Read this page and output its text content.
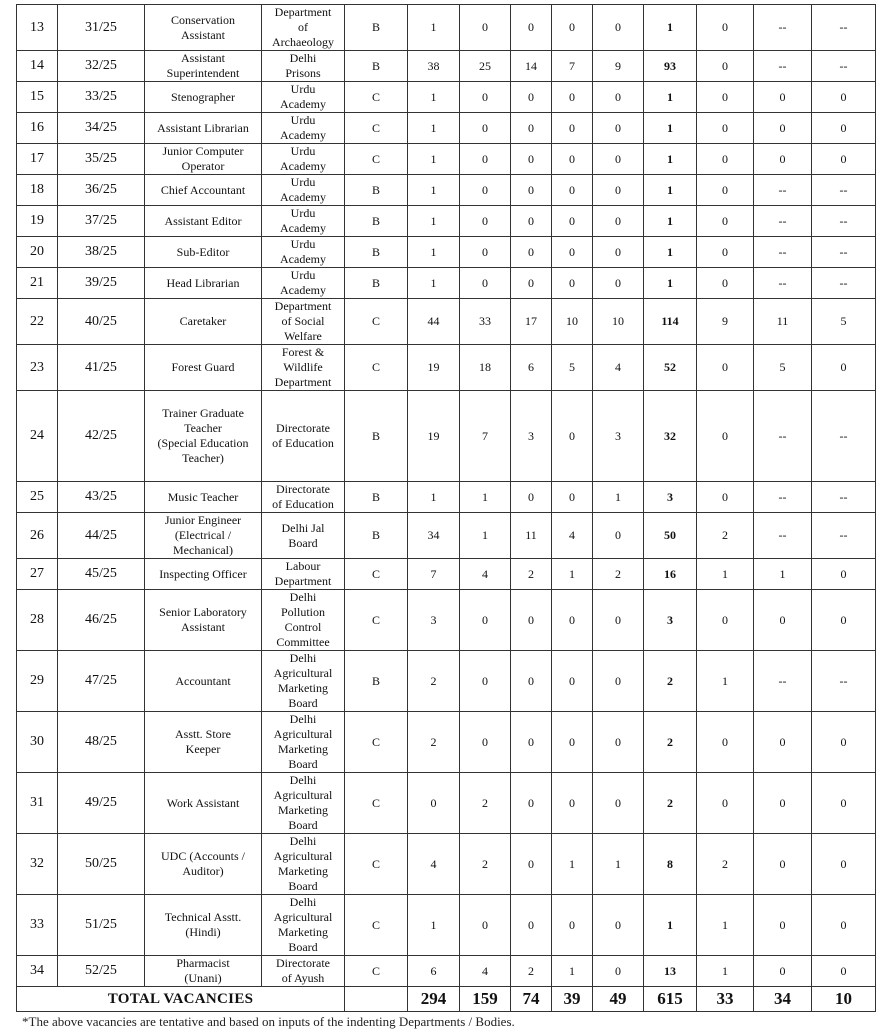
13	31/25	Conservation
Assistant	Department
of
Archaeology	B	1	0	0	0	0	1	0	--	--

14	32/25	Assistant
Superintendent	Delhi
Prisons	B	38	25	14	7	9	93	0	--	--

15	33/25	Stenographer	Urdu
Academy	C	1	0	0	0	0	1	0	0	0

16	34/25	Assistant Librarian	Urdu
Academy	C	1	0	0	0	0	1	0	0	0

17	35/25	Junior Computer
Operator	Urdu
Academy	C	1	0	0	0	0	1	0	0	0

18	36/25	Chief Accountant	Urdu
Academy	B	1	0	0	0	0	1	0	--	--

19	37/25	Assistant Editor	Urdu
Academy	B	1	0	0	0	0	1	0	--	--

20	38/25	Sub-Editor	Urdu
Academy	B	1	0	0	0	0	1	0	--	--

21	39/25	Head Librarian	Urdu
Academy	B	1	0	0	0	0	1	0	--	--

22	40/25	Caretaker	Department
of Social
Welfare	C	44	33	17	10	10	114	9	11	5

23	41/25	Forest Guard	Forest &
Wildlife
Department	C	19	18	6	5	4	52	0	5	0

24	42/25	Trainer Graduate
Teacher
(Special Education
Teacher)	Directorate
of Education	B	19	7	3	0	3	32	0	--	--

25	43/25	Music Teacher	Directorate
of Education	B	1	1	0	0	1	3	0	--	--

26	44/25	Junior Engineer
(Electrical /
Mechanical)	Delhi Jal
Board	B	34	1	11	4	0	50	2	--	--

27	45/25	Inspecting Officer	Labour
Department	C	7	4	2	1	2	16	1	1	0

28	46/25	Senior Laboratory
Assistant	Delhi
Pollution
Control
Committee	C	3	0	0	0	0	3	0	0	0

29	47/25	Accountant	Delhi
Agricultural
Marketing
Board	B	2	0	0	0	0	2	1	--	--

30	48/25	Asstt. Store
Keeper	Delhi
Agricultural
Marketing
Board	C	2	0	0	0	0	2	0	0	0

31	49/25	Work Assistant	Delhi
Agricultural
Marketing
Board	C	0	2	0	0	0	2	0	0	0

32	50/25	UDC (Accounts /
Auditor)	Delhi
Agricultural
Marketing
Board	C	4	2	0	1	1	8	2	0	0

33	51/25	Technical Asstt.
(Hindi)	Delhi
Agricultural
Marketing
Board	C	1	0	0	0	0	1	1	0	0

34	52/25	Pharmacist
(Unani)	Directorate
of Ayush	C	6	4	2	1	0	13	1	0	0

TOTAL VACANCIES					294	159	74	39	49	615	33	34	10
*The above vacancies are tentative and based on inputs of the indenting Departments / Bodies.
